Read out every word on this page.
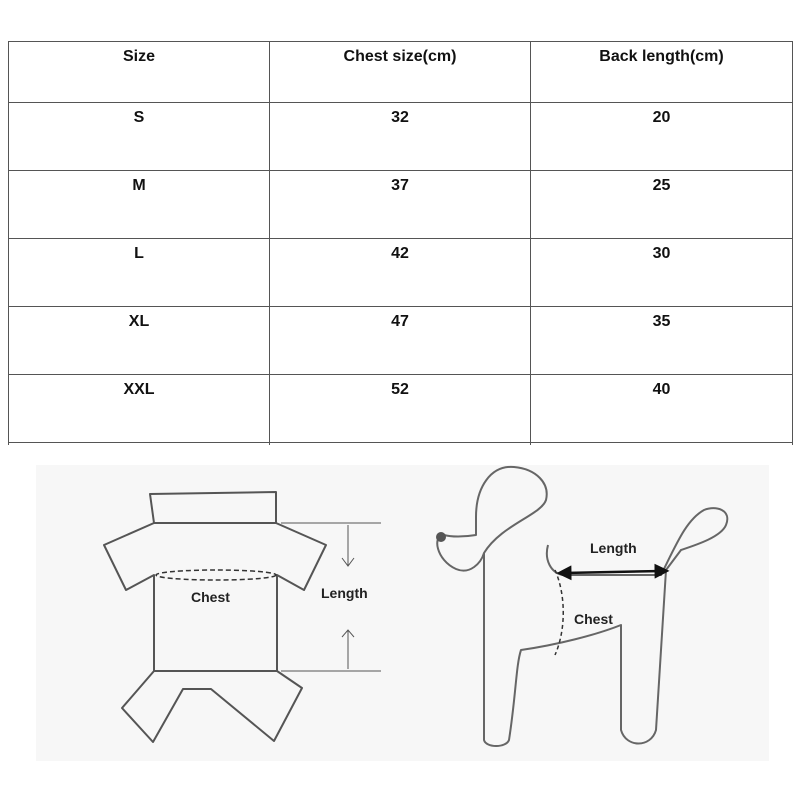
Size	Chest size(cm)	Back length(cm)
S	32	20
M	37	25
L	42	30
XL	47	35
XXL	52	40

Chest	Length
Length
Chest
